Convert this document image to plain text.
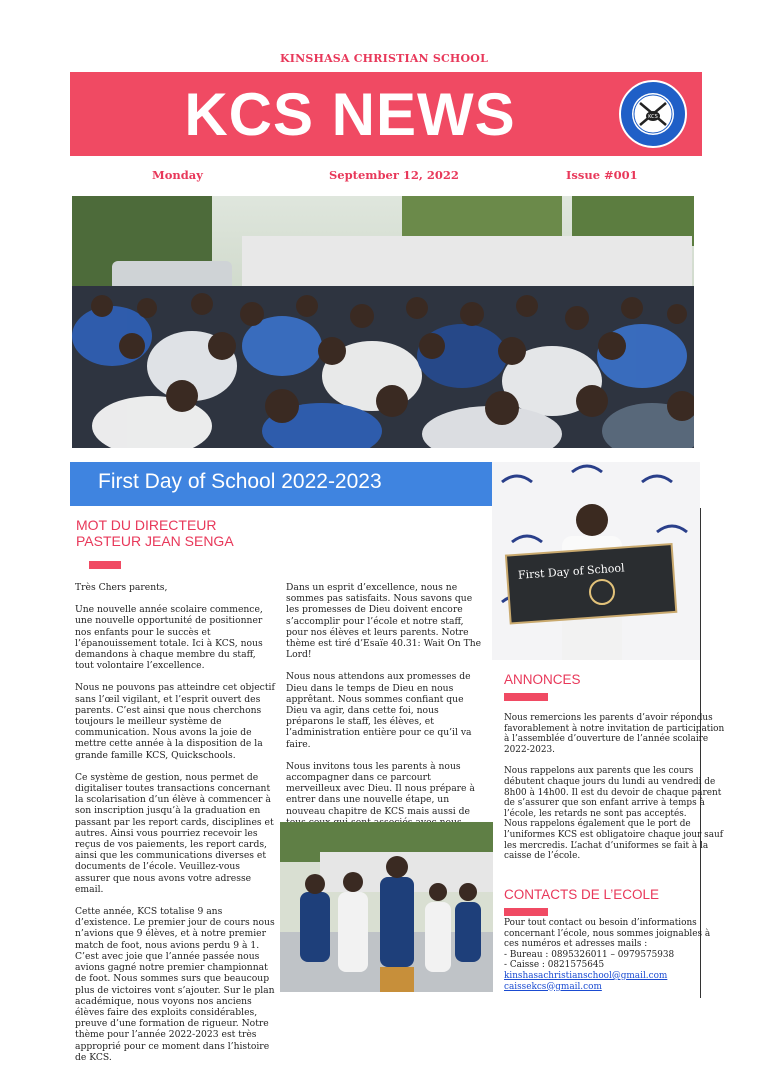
KINSHASA CHRISTIAN SCHOOL
KCS NEWS	KCS
Monday	September 12, 2022	Issue #001
First Day of School 2022-2023
First Day of School
MOT DU DIRECTEUR
PASTEUR JEAN SENGA

Très Chers parents,

Une nouvelle année scolaire commence, une nouvelle opportunité de positionner nos enfants pour le succès et l’épanouissement totale. Ici à KCS, nous demandons à chaque membre du staff, tout volontaire l’excellence.

Nous ne pouvons pas atteindre cet objectif sans l’œil vigilant, et l’esprit ouvert des parents. C’est ainsi que nous cherchons toujours le meilleur système de communication. Nous avons la joie de mettre cette année à la disposition de la grande famille KCS, Quickschools.

Ce système de gestion, nous permet de digitaliser toutes transactions concernant la scolarisation d’un élève à commencer à son inscription jusqu’à la graduation en passant par les report cards, disciplines et autres. Ainsi vous pourriez recevoir les reçus de vos paiements, les report cards, ainsi que les communications diverses et documents de l’école. Veuillez-vous assurer que nous avons votre adresse email.

Cette année, KCS totalise 9 ans d’existence. Le premier jour de cours nous n’avions que 9 élèves, et à notre premier match de foot, nous avions perdu 9 à 1. C’est avec joie que l’année passée nous avions gagné notre premier championnat de foot. Nous sommes surs que beaucoup plus de victoires vont s’ajouter. Sur le plan académique, nous voyons nos anciens élèves faire des exploits considérables, preuve d’une formation de rigueur. Notre thème pour l’année 2022-2023 est très approprié pour ce moment dans l’histoire de KCS.

Dans un esprit d’excellence, nous ne sommes pas satisfaits. Nous savons que les promesses de Dieu doivent encore s’accomplir pour l’école et notre staff, pour nos élèves et leurs parents. Notre thème est tiré d’Esaïe 40.31: Wait On The Lord!

Nous nous attendons aux promesses de Dieu dans le temps de Dieu en nous apprêtant. Nous sommes confiant que Dieu va agir, dans cette foi, nous préparons le staff, les élèves, et l’administration entière pour ce qu’il va faire.

Nous invitons tous les parents à nous accompagner dans ce parcourt merveilleux avec Dieu. Il nous prépare à entrer dans une nouvelle étape, un nouveau chapitre de KCS mais aussi de

ANNONCES

Nous remercions les parents d’avoir répondus favorablement à notre invitation de participation à l’assemblée d’ouverture de l’année scolaire 2022-2023.

Nous rappelons aux parents que les cours débutent chaque jours du lundi au vendredi de 8h00 à 14h00. Il est du devoir de chaque parent de s’assurer que son enfant arrive à temps à l’école, les retards ne sont pas acceptés.

Nous rappelons également que le port de l’uniformes KCS est obligatoire chaque jour sauf les mercredis. L’achat d’uniformes se fait à la caisse de l’école.

CONTACTS DE L’ECOLE
Pour tout contact ou besoin d’informations concernant l’école, nous sommes joignables à ces numéros et adresses mails :
- Bureau : 0895326011 – 0979575938
- Caisse : 0821575645
kinshasachristianschool@gmail.com
caissekcs@gmail.com
